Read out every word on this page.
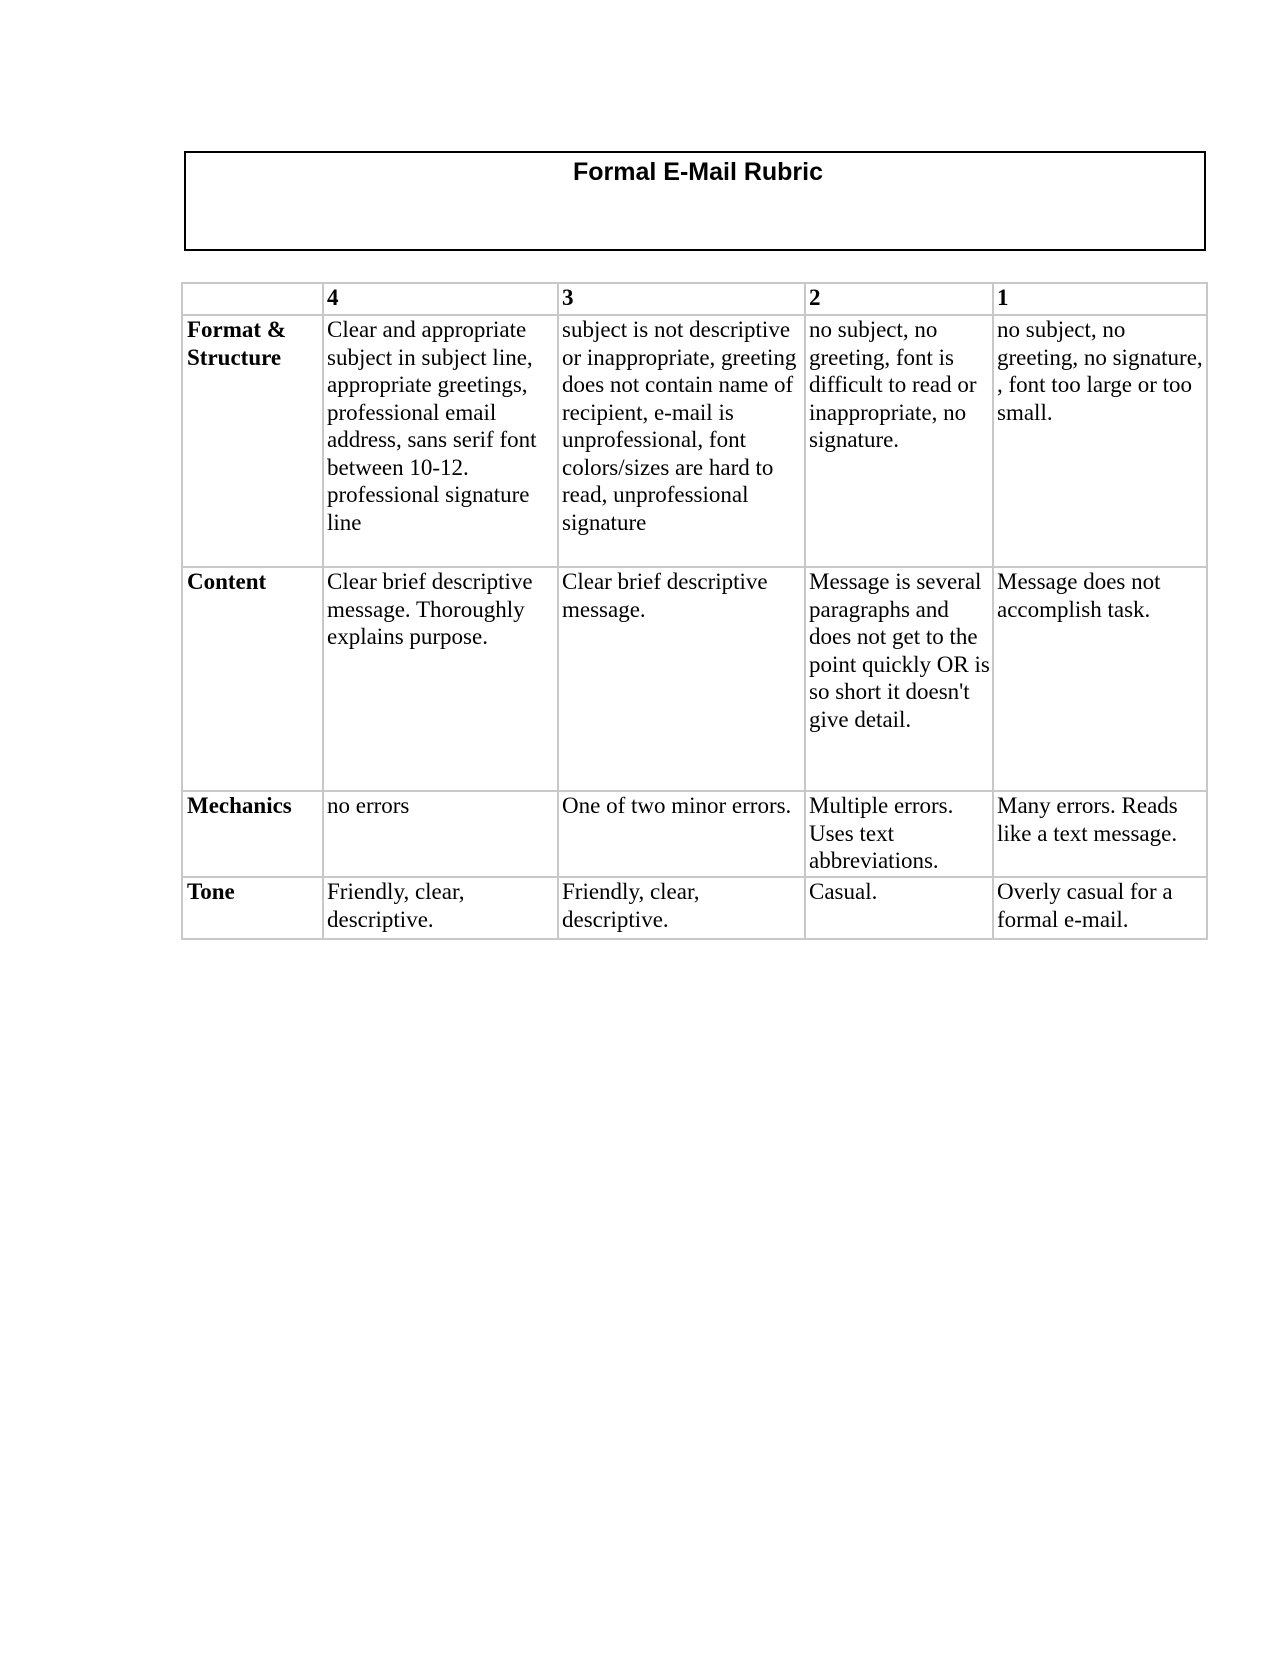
Formal E-Mail Rubric
	4	3	2	1
Format & Structure	Clear and appropriate subject in subject line, appropriate greetings, professional email address, sans serif font between 10-12. professional signature line	subject is not descriptive or inappropriate, greeting does not contain name of recipient, e-mail is unprofessional, font colors/sizes are hard to read, unprofessional signature	no subject, no greeting, font is difficult to read or inappropriate, no signature.	no subject, no greeting, no signature, , font too large or too small.
Content	Clear brief descriptive message. Thoroughly explains purpose.	Clear brief descriptive message.	Message is several paragraphs and does not get to the point quickly OR is so short it doesn't give detail.	Message does not accomplish task.
Mechanics	no errors	One of two minor errors.	Multiple errors. Uses text abbreviations.	Many errors. Reads like a text message.
Tone	Friendly, clear, descriptive.	Friendly, clear, descriptive.	Casual.	Overly casual for a formal e-mail.
